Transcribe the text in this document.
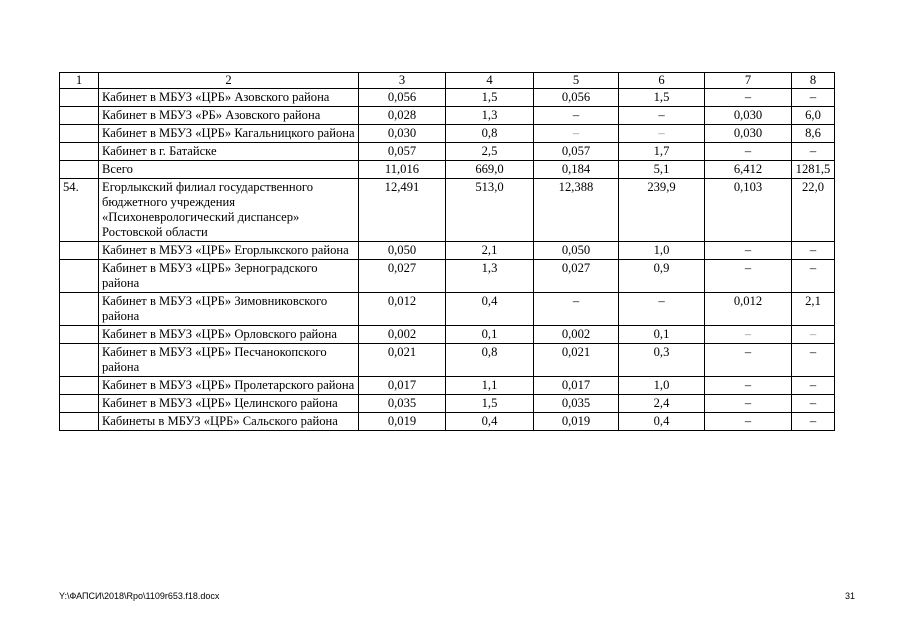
1	2	3	4	5	6	7	8
	Кабинет в МБУЗ «ЦРБ» Азовского района	0,056	1,5	0,056	1,5	–	–
	Кабинет в МБУЗ «РБ» Азовского района	0,028	1,3	–	–	0,030	6,0
	Кабинет в МБУЗ «ЦРБ» Кагальницкого района	0,030	0,8	–	–	0,030	8,6
	Кабинет в г. Батайске	0,057	2,5	0,057	1,7	–	–
	Всего	11,016	669,0	0,184	5,1	6,412	1281,5
54.	Егорлыкский филиал государственного бюджетного учреждения «Психоневрологический диспансер» Ростовской области	12,491	513,0	12,388	239,9	0,103	22,0
	Кабинет в МБУЗ «ЦРБ» Егорлыкского района	0,050	2,1	0,050	1,0	–	–
	Кабинет в МБУЗ «ЦРБ» Зерноградского района	0,027	1,3	0,027	0,9	–	–
	Кабинет в МБУЗ «ЦРБ» Зимовниковского района	0,012	0,4	–	–	0,012	2,1
	Кабинет в МБУЗ «ЦРБ» Орловского района	0,002	0,1	0,002	0,1	–	–
	Кабинет в МБУЗ «ЦРБ» Песчанокопского района	0,021	0,8	0,021	0,3	–	–
	Кабинет в МБУЗ «ЦРБ» Пролетарского района	0,017	1,1	0,017	1,0	–	–
	Кабинет в МБУЗ «ЦРБ» Целинского района	0,035	1,5	0,035	2,4	–	–
	Кабинеты в МБУЗ «ЦРБ» Сальского района	0,019	0,4	0,019	0,4	–	–
Y:\ФАПСИ\2018\Rpo\1109r653.f18.docx	31
